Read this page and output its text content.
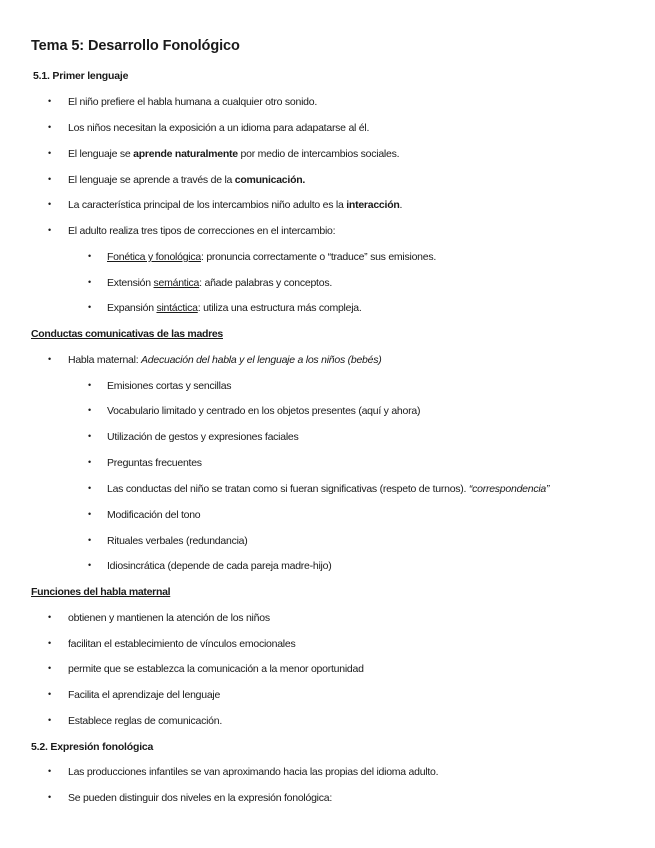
Tema 5: Desarrollo Fonológico
5.1. Primer lenguaje
• El niño prefiere el habla humana a cualquier otro sonido.
• Los niños necesitan la exposición a un idioma para adapatarse al él.
• El lenguaje se aprende naturalmente por medio de intercambios sociales.
• El lenguaje se aprende a través de la comunicación.
• La característica principal de los intercambios niño adulto es la interacción.
• El adulto realiza tres tipos de correcciones en el intercambio:
• Fonética y fonológica: pronuncia correctamente o “traduce” sus emisiones.
• Extensión semántica: añade palabras y conceptos.
• Expansión sintáctica: utiliza una estructura más compleja.
Conductas comunicativas de las madres
• Habla maternal: Adecuación del habla y el lenguaje a los niños (bebés)
• Emisiones cortas y sencillas
• Vocabulario limitado y centrado en los objetos presentes (aquí y ahora)
• Utilización de gestos y expresiones faciales
• Preguntas frecuentes
• Las conductas del niño se tratan como si fueran significativas (respeto de turnos). “correspondencia”
• Modificación del tono
• Rituales verbales (redundancia)
• Idiosincrática (depende de cada pareja madre-hijo)
Funciones del habla maternal
• obtienen y mantienen la atención de los niños
• facilitan el establecimiento de vínculos emocionales
• permite que se establezca la comunicación a la menor oportunidad
• Facilita el aprendizaje del lenguaje
• Establece reglas de comunicación.
5.2. Expresión fonológica
• Las producciones infantiles se van aproximando hacia las propias del idioma adulto.
• Se pueden distinguir dos niveles en la expresión fonológica:
